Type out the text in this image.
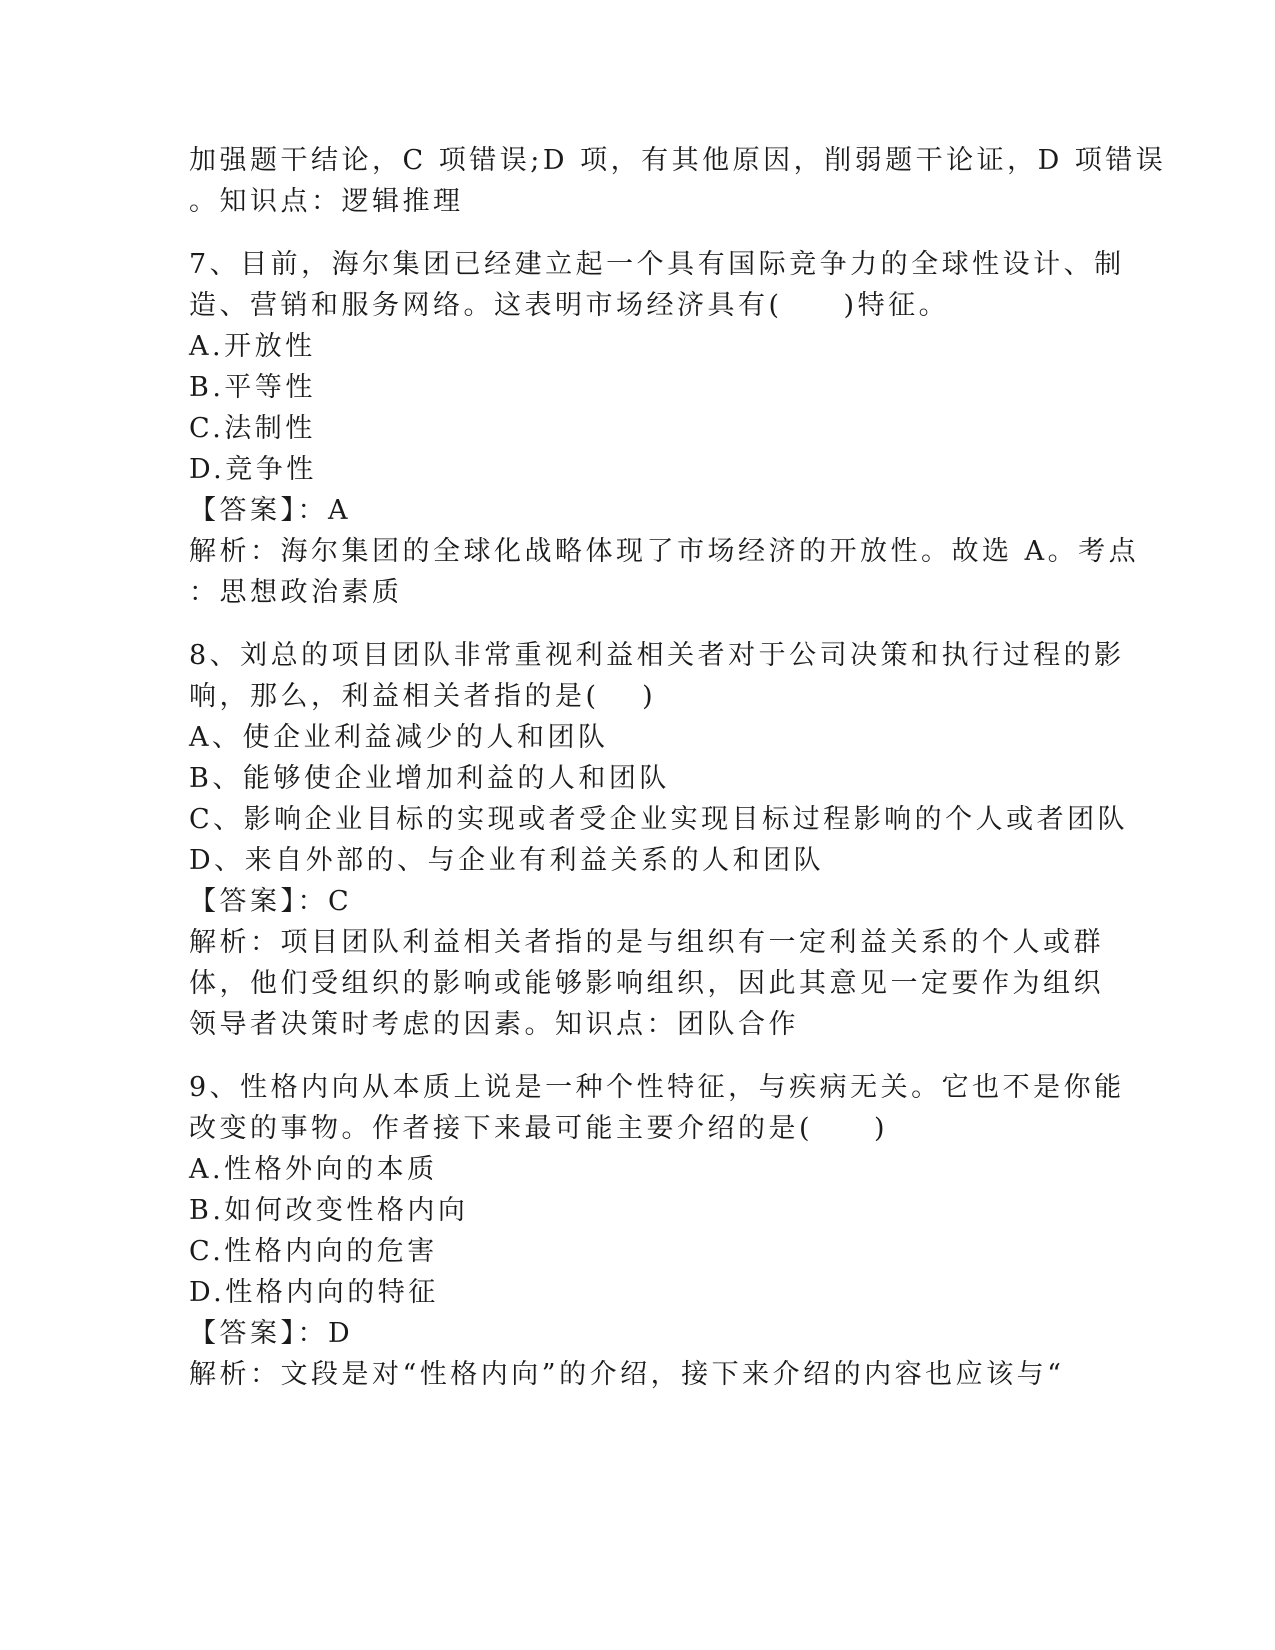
加强题干结论，C 项错误;D 项，有其他原因，削弱题干论证，D 项错误
。知识点：逻辑推理
7、目前，海尔集团已经建立起一个具有国际竞争力的全球性设计、制
造、营销和服务网络。这表明市场经济具有(　　)特征。
A.开放性
B.平等性
C.法制性
D.竞争性
【答案】：A
解析：海尔集团的全球化战略体现了市场经济的开放性。故选 A。考点
：思想政治素质
8、刘总的项目团队非常重视利益相关者对于公司决策和执行过程的影
响，那么，利益相关者指的是(　 )
A、使企业利益减少的人和团队
B、能够使企业增加利益的人和团队
C、影响企业目标的实现或者受企业实现目标过程影响的个人或者团队
D、来自外部的、与企业有利益关系的人和团队
【答案】：C
解析：项目团队利益相关者指的是与组织有一定利益关系的个人或群
体，他们受组织的影响或能够影响组织，因此其意见一定要作为组织
领导者决策时考虑的因素。知识点：团队合作
9、性格内向从本质上说是一种个性特征，与疾病无关。它也不是你能
改变的事物。作者接下来最可能主要介绍的是(　　)
A.性格外向的本质
B.如何改变性格内向
C.性格内向的危害
D.性格内向的特征
【答案】：D
解析：文段是对“性格内向”的介绍，接下来介绍的内容也应该与“
